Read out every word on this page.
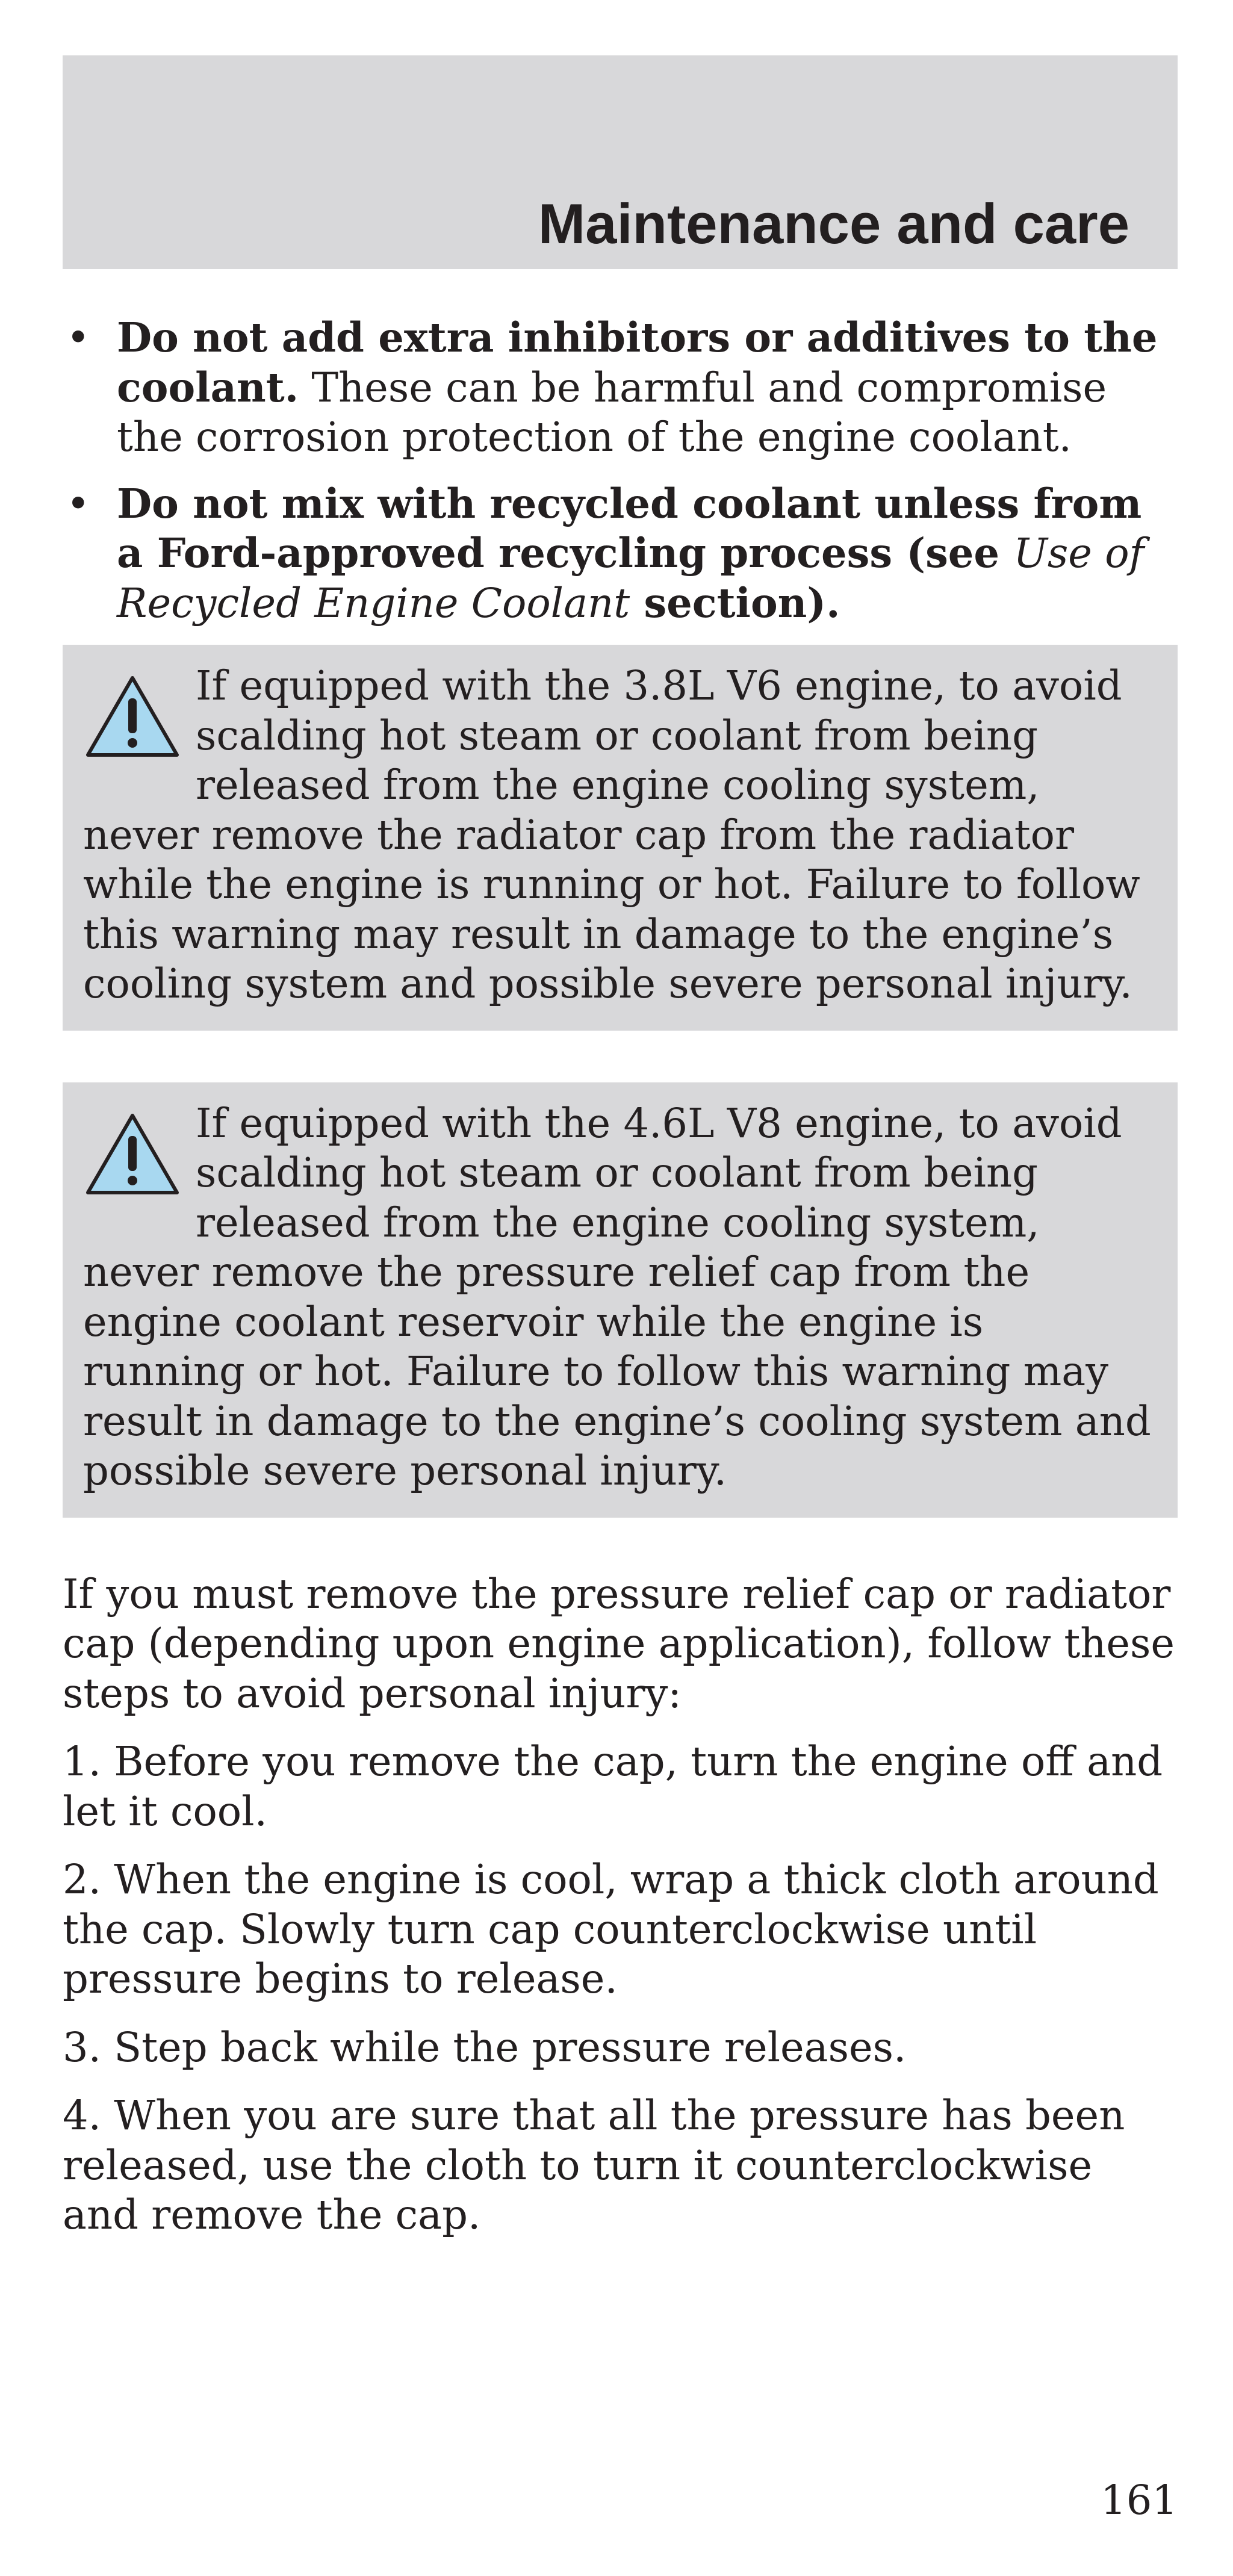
Maintenance and care
• Do not add extra inhibitors or additives to the coolant. These can be harmful and compromise the corrosion protection of the engine coolant.

• Do not mix with recycled coolant unless from a Ford-approved recycling process (see Use of Recycled Engine Coolant section).

If equipped with the 3.8L V6 engine, to avoid scalding hot steam or coolant from being released from the engine cooling system, never remove the radiator cap from the radiator while the engine is running or hot. Failure to follow this warning may result in damage to the engine’s cooling system and possible severe personal injury.

If equipped with the 4.6L V8 engine, to avoid scalding hot steam or coolant from being released from the engine cooling system, never remove the pressure relief cap from the engine coolant reservoir while the engine is running or hot. Failure to follow this warning may result in damage to the engine’s cooling system and possible severe personal injury.

If you must remove the pressure relief cap or radiator cap (depending upon engine application), follow these steps to avoid personal injury:

1. Before you remove the cap, turn the engine off and let it cool.

2. When the engine is cool, wrap a thick cloth around the cap. Slowly turn cap counterclockwise until pressure begins to release.

3. Step back while the pressure releases.

4. When you are sure that all the pressure has been released, use the cloth to turn it counterclockwise and remove the cap.

161
